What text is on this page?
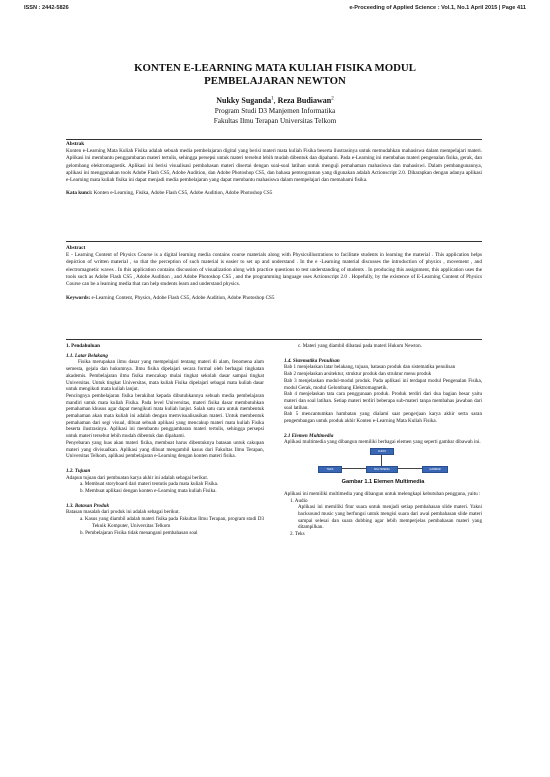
ISSN : 2442-5826	e-Proceeding of Applied Science : Vol.1, No.1 April 2015 | Page 411
KONTEN E-LEARNING MATA KULIAH FISIKA MODUL
PEMBELAJARAN NEWTON
Nukky Suganda$^1$, Reza Budiawan$^2$
Program Studi D3 Manjemen Informatika
Fakultas Ilmu Terapan Universitas Telkom
Abstrak
Konten e-Learning Mata Kuliah Fisika adalah sebuah media pembelajaran digital yang berisi materi mata kuliah Fisika beserta ilustrasinya untuk memudahkan mahasiswa dalam mempelajari materi. Aplikasi ini membantu penggambaran materi tertulis, sehingga persepsi untuk materi tersebut lebih mudah dibentuk dan dipahami. Pada e-Learning ini membahas materi pengenalan fisika, gerak, dan gelombang elektromagnetik. Aplikasi ini berisi visualisasi pembahasan materi disertai dengan soal-soal latihan untuk menguji pemahaman mahasiswa dan mahasiswi. Dalam pembangunannya, aplikasi ini menggunakan tools Adobe Flash CS5, Adobe Audition, dan Adobe Photoshop CS5, dan bahasa pemrograman yang digunakan adalah Actionscript 2.0. Diharapkan dengan adanya aplikasi e-Learning mata kuliah fisika ini dapat menjadi media pembelajaran yang dapat membantu mahasiswa dalam mempelajari dan memahami fisika.
Kata kunci: Konten e-Learning, Fisika, Adobe Flash CS5, Adobe Audition, Adobe Photoshop CS5
Abstract
E - Learning Content of Physics Course is a digital learning media contains course materials along with Physicsillustrations to facilitate students in learning the material . This application helps depiction of written material , so that the perception of such material is easier to set up and understand . In the e -Learning material discusses the introduction of physics , movement , and electromagnetic waves . In this application contains discussion of visualization along with practice questions to test understanding of students . In producing this assignment, this application uses the tools such as Adobe Flash CS5 , Adobe Audition , and Adobe Photoshop CS5 , and the programming language uses Actionscript 2.0 . Hopefully, by the existence of E-Learning Content of Physics Course can be a learning media that can help students learn and understand physics.
Keywords: e-Learning Content, Physics, Adobe Flash CS5, Adobe Audition, Adobe Photoshop CS5

1. Pendahuluan

1.1. Latar Belakang

Fisika merupakan ilmu dasar yang mempelajari tentang materi di alam, fenomena alam semesta, gejala dan hukumnya. Ilmu fisika dipelajari secara formal oleh berbagai tingkatan akademis. Pembelajaran ilmu fisika mencakup mulai tingkat sekolah dasar sampai tingkat Universitas. Untuk tingkat Universitas, mata kuliah Fisika dipelajari sebagai mata kuliah dasar untuk mengikuti mata kuliah lanjut.

Pencingnya pembelajaran fisika berakibat kepada dibutuhkannya sebuah media pembelajaran mandiri untuk mata kuliah Fisika. Pada level Universitas, materi fisika dasar membutuhkan pemahaman khusus agar dapat mengikuti mata kuliah lanjut. Salah satu cara untuk membentuk pemahaman akan mata kuliah ini adalah dengan memvisualisasikan materi. Untuk membentuk pemahaman dari segi visual, dibuat sebuah aplikasi yang mencakup materi mata kuliah Fisika beserta ilustrasinya. Aplikasi ini membantu penggambaran materi tertulis, sehingga persepsi untuk materi tersebut lebih mudah dibentuk dan dipahami.

Penyebaran yang luas akan materi fisika, membuat harus dibentuknya batasan untuk cakupan materi yang divisualkan. Aplikasi yang dibuat mengambil kasus dari Fakultas Ilmu Terapan, Universitas Telkom, aplikasi pembelajaran e-Learning dengan konten materi fisika.

1.2. Tujuan

Adapun tujuan dari pembuatan karya akhir ini adalah sebagai berikut.

a. Membuat storyboard dari materi tentutis pada mata kuliah Fisika.

b. Membuat aplikasi dengan konten e-Learning mata kuliah Fisika.

1.3. Batasan Produk

Batasan masalah dari produk ini adalah sebagai berikut.

a. Kasus yang diambil adalah materi fisika pada Fakultas Ilmu Terapan, program studi D3 Teknik Komputer, Universitas Telkom

b. Pembelajaran Fisika tidak menangani pembahasan soal

c. Materi yang diambil dibatasi pada materi Hukum Newton.

1.4. Sistematika Penulisan

Bab 1 menjelaskan latar belakang, tujuan, batasan produk dan sistematika penulisan

Bab 2 menjelaskan arsitektur, struktur produk dan struktur menu produk

Bab 3 menjelaskan modul-modul produk. Pada aplikasi ini terdapat modul Pengenalan Fisika, modul Gerak, modul Gelombang Elektromagnetik.

Bab 4 menjelaskan tata cara penggunaan produk. Produk terdiri dari dua bagian besar yaitu materi dan soal latihan. Setiap materi terdiri beberapa sub-materi tanpa membahas jawaban dari soal latihan.

Bab 5 mencantumkan hambatan yang dialami saat pengerjaan karya akhir serta saran pengembangan untuk produk akhir Konten e-Learning Mata Kuliah Fisika.

2.1 Elemen Multimedia

Aplikasi multimedia yang dibangun memiliki berbagai elemen yang seperti gambar dibawah ini.

AUDIO
TEKS	MULTIMEDIA	GAMBAR
Gambar 1.1 Elemen Multimedia

Aplikasi ini memiliki multimedia yang dibangun untuk melengkapi kebutuhan pengguna, yaitu :

1. Audio

Aplikasi ini memiliki fitur suara untuk menjadi setiap pembahasan slide materi. Yakni backsound music yang berfungsi untuk mengisi suara dari awal pembahasan slide materi sampai selesai dan suara dubbing agar lebih memperjelas pembahasan materi yang ditampilkan.

2. Teks
